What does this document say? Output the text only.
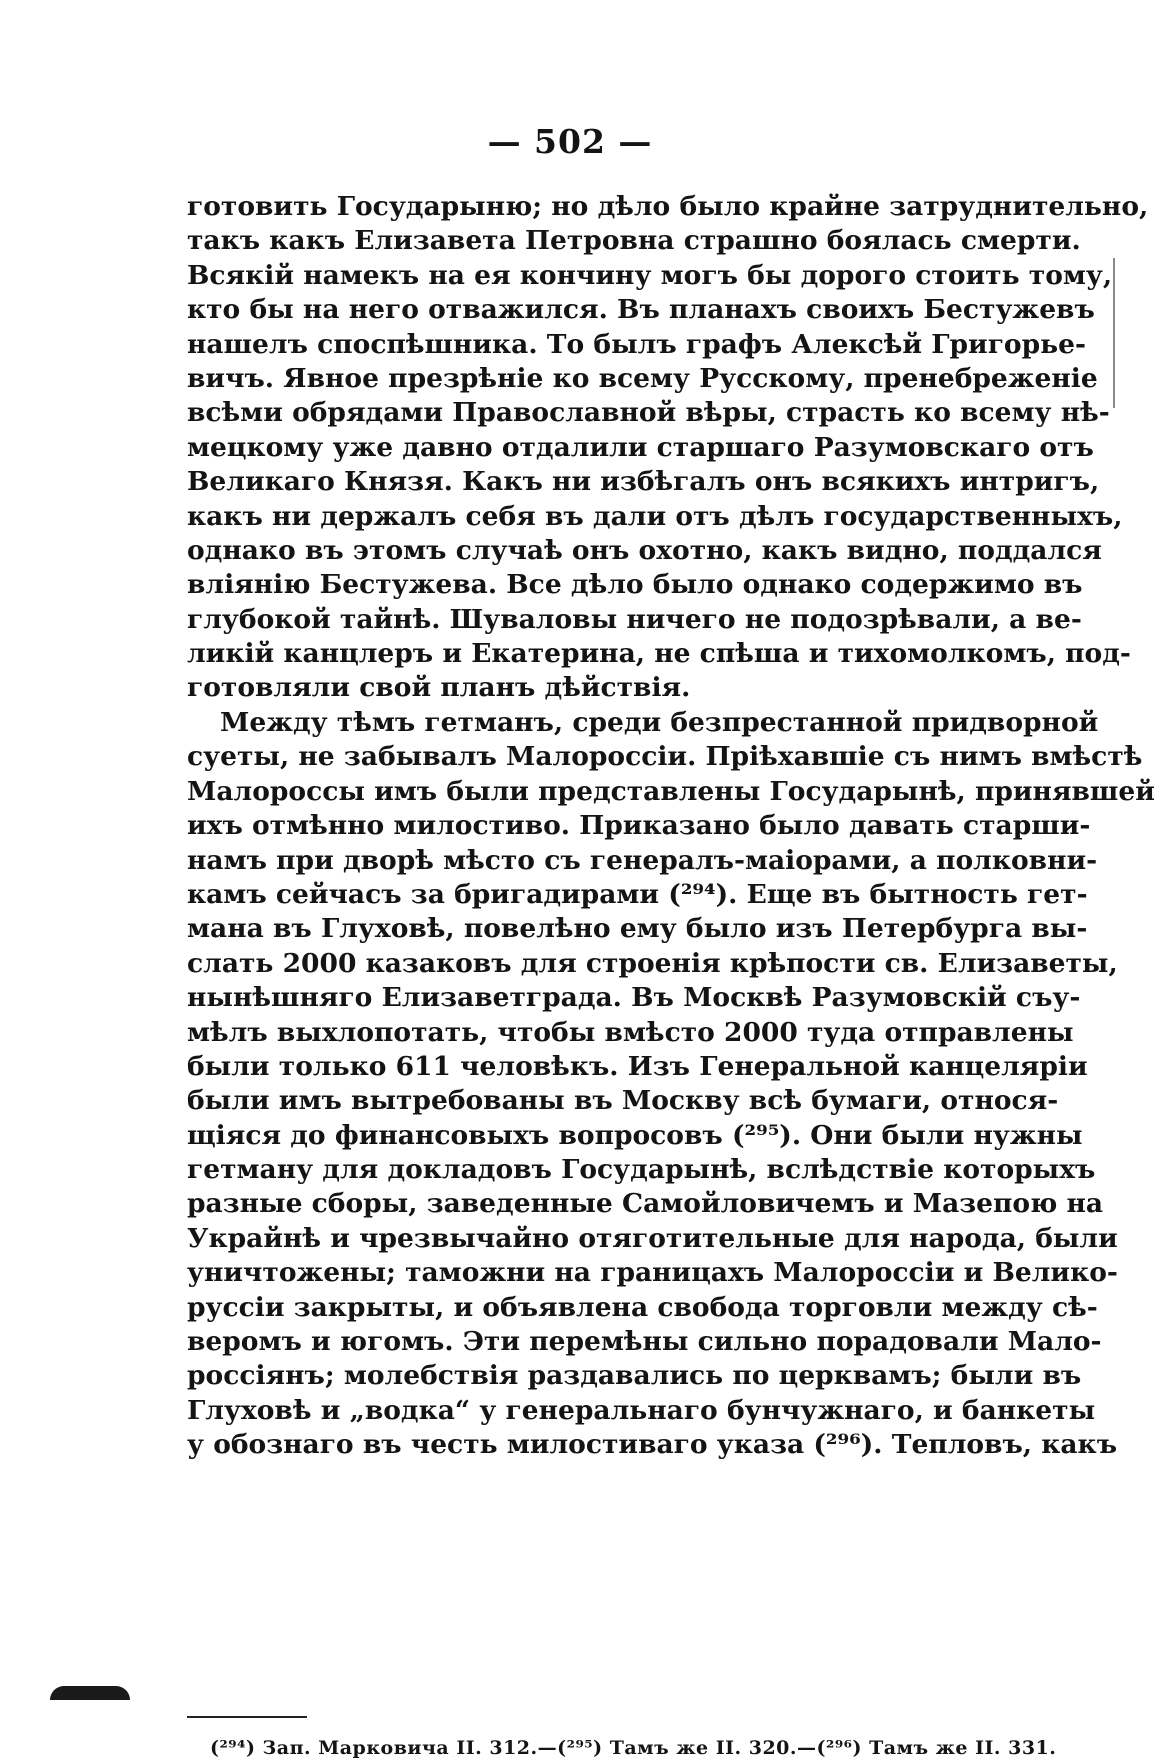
— 502 —
готовить Государыню; но дѣло было крайне затруднительно,
такъ какъ Елизавета Петровна страшно боялась смерти.
Всякій намекъ на ея кончину могъ бы дорого стоить тому,
кто бы на него отважился. Въ планахъ своихъ Бестужевъ
нашелъ споспѣшника. То былъ графъ Алексѣй Григорье-
вичъ. Явное презрѣніе ко всему Русскому, пренебреженіе
всѣми обрядами Православной вѣры, страсть ко всему нѣ-
мецкому уже давно отдалили старшаго Разумовскаго отъ
Великаго Князя. Какъ ни избѣгалъ онъ всякихъ интригъ,
какъ ни держалъ себя въ дали отъ дѣлъ государственныхъ,
однако въ этомъ случаѣ онъ охотно, какъ видно, поддался
вліянію Бестужева. Все дѣло было однако содержимо въ
глубокой тайнѣ. Шуваловы ничего не подозрѣвали, а ве-
ликій канцлеръ и Екатерина, не спѣша и тихомолкомъ, под-
готовляли свой планъ дѣйствія.
Между тѣмъ гетманъ, среди безпрестанной придворной
суеты, не забывалъ Малороссіи. Пріѣхавшіе съ нимъ вмѣстѣ
Малороссы имъ были представлены Государынѣ, принявшей
ихъ отмѣнно милостиво. Приказано было давать старши-
намъ при дворѣ мѣсто съ генералъ-маіорами, а полковни-
камъ сейчасъ за бригадирами (²⁹⁴). Еще въ бытность гет-
мана въ Глуховѣ, повелѣно ему было изъ Петербурга вы-
слать 2000 казаковъ для строенія крѣпости св. Елизаветы,
нынѣшняго Елизаветграда. Въ Москвѣ Разумовскій съу-
мѣлъ выхлопотать, чтобы вмѣсто 2000 туда отправлены
были только 611 человѣкъ. Изъ Генеральной канцеляріи
были имъ вытребованы въ Москву всѣ бумаги, относя-
щіяся до финансовыхъ вопросовъ (²⁹⁵). Они были нужны
гетману для докладовъ Государынѣ, вслѣдствіе которыхъ
разные сборы, заведенные Самойловичемъ и Мазепою на
Украйнѣ и чрезвычайно отяготительные для народа, были
уничтожены; таможни на границахъ Малороссіи и Велико-
руссіи закрыты, и объявлена свобода торговли между сѣ-
веромъ и югомъ. Эти перемѣны сильно порадовали Мало-
россіянъ; молебствія раздавались по церквамъ; были въ
Глуховѣ и „водка“ у генеральнаго бунчужнаго, и банкеты
у обознаго въ честь милостиваго указа (²⁹⁶). Тепловъ, какъ
(²⁹⁴) Зап. Марковича II. 312.—(²⁹⁵) Тамъ же II. 320.—(²⁹⁶) Тамъ же II. 331.
